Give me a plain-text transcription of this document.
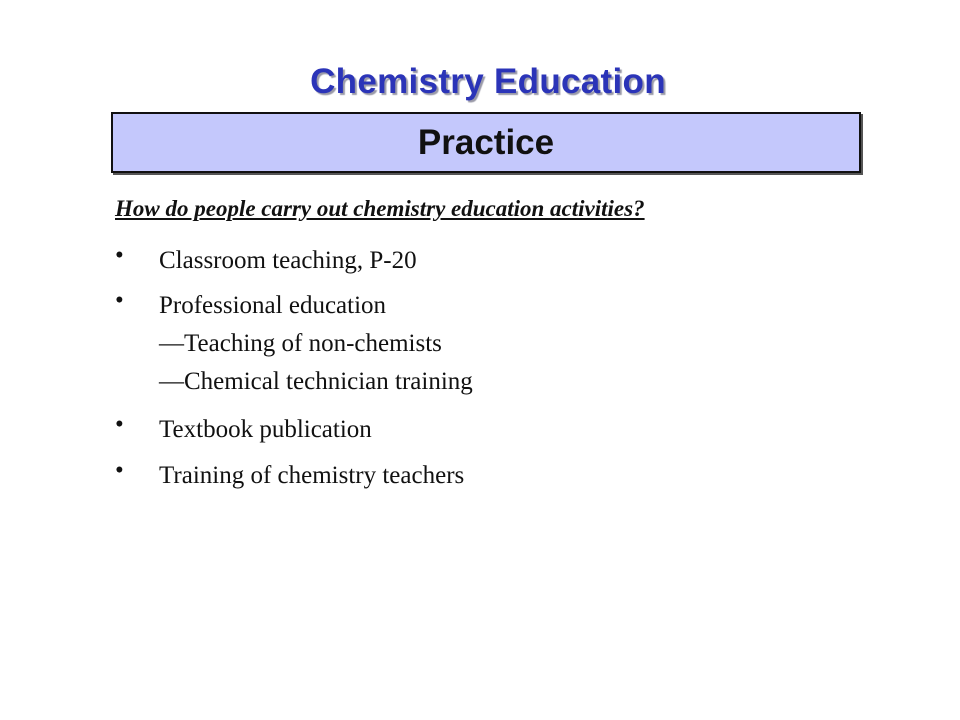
Chemistry Education
Practice
How do people carry out chemistry education activities?
• Classroom teaching, P-20
• Professional education
—Teaching of non-chemists
—Chemical technician training
• Textbook publication
• Training of chemistry teachers
